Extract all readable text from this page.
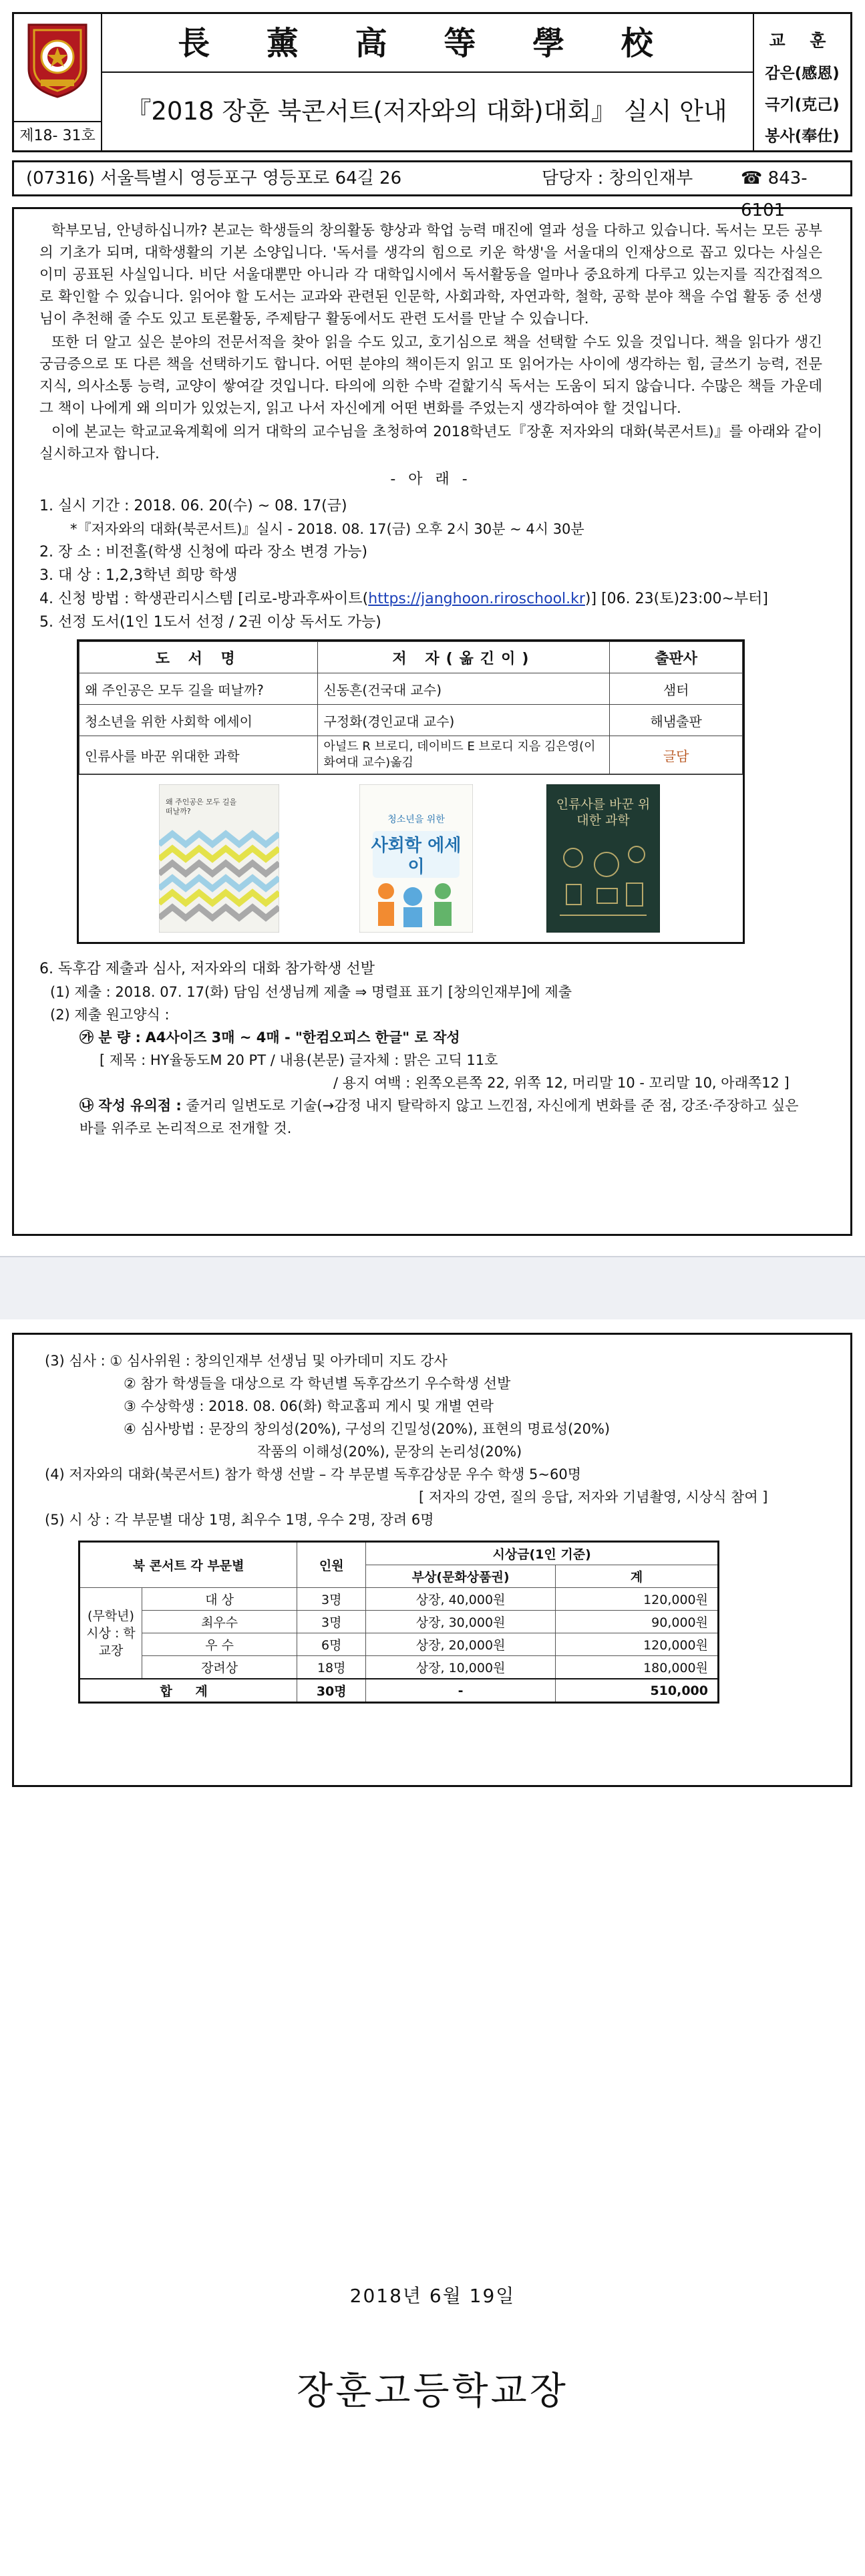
제18- 31호
長 薰 高 等 學 校
『2018 장훈 북콘서트(저자와의 대화)대회』 실시 안내
교 훈
감은(感恩)
극기(克己)
봉사(奉仕)
(07316) 서울특별시 영등포구 영등포로 64길 26	담당자 : 창의인재부	☎ 843-6101

학부모님, 안녕하십니까? 본교는 학생들의 창의활동 향상과 학업 능력 매진에 열과 성을 다하고 있습니다. 독서는 모든 공부의 기초가 되며, 대학생활의 기본 소양입니다. '독서를 생각의 힘으로 키운 학생'을 서울대의 인재상으로 꼽고 있다는 사실은 이미 공표된 사실입니다. 비단 서울대뿐만 아니라 각 대학입시에서 독서활동을 얼마나 중요하게 다루고 있는지를 직간접적으로 확인할 수 있습니다. 읽어야 할 도서는 교과와 관련된 인문학, 사회과학, 자연과학, 철학, 공학 분야 책을 수업 활동 중 선생님이 추천해 줄 수도 있고 토론활동, 주제탐구 활동에서도 관련 도서를 만날 수 있습니다.

또한 더 알고 싶은 분야의 전문서적을 찾아 읽을 수도 있고, 호기심으로 책을 선택할 수도 있을 것입니다. 책을 읽다가 생긴 궁금증으로 또 다른 책을 선택하기도 합니다. 어떤 분야의 책이든지 읽고 또 읽어가는 사이에 생각하는 힘, 글쓰기 능력, 전문지식, 의사소통 능력, 교양이 쌓여갈 것입니다. 타의에 의한 수박 겉핥기식 독서는 도움이 되지 않습니다. 수많은 책들 가운데 그 책이 나에게 왜 의미가 있었는지, 읽고 나서 자신에게 어떤 변화를 주었는지 생각하여야 할 것입니다.

이에 본교는 학교교육계획에 의거 대학의 교수님을 초청하여 2018학년도『장훈 저자와의 대화(북콘서트)』를 아래와 같이 실시하고자 합니다.

- 아 래 -

1. 실시 기간 : 2018. 06. 20(수) ~ 08. 17(금)

*『저자와의 대화(북콘서트)』실시 - 2018. 08. 17(금) 오후 2시 30분 ~ 4시 30분

2. 장 소 : 비전홀(학생 신청에 따라 장소 변경 가능)

3. 대 상 : 1,2,3학년 희망 학생

4. 신청 방법 : 학생관리시스템 [리로-방과후싸이트(https://janghoon.riroschool.kr)] [06. 23(토)23:00~부터]

5. 선정 도서(1인 1도서 선정 / 2권 이상 독서도 가능)

도 서 명	저 자(옮긴이)	출판사
왜 주인공은 모두 길을 떠날까?	신동흔(건국대 교수)	샘터
청소년을 위한 사회학 에세이	구정화(경인교대 교수)	해냄출판
인류사를 바꾼 위대한 과학	아널드 R 브로디, 데이비드 E 브로디 지음 김은영(이화여대 교수)옮김	글담
왜 주인공은 모두 길을 떠날까?
청소년을 위한
사회학 에세이
인류사를 바꾼 위대한 과학

6. 독후감 제출과 심사, 저자와의 대화 참가학생 선발

(1) 제출 : 2018. 07. 17(화) 담임 선생님께 제출 ⇒ 명렬표 표기 [창의인재부]에 제출

(2) 제출 원고양식 :

㉮ 분 량 : A4사이즈 3매 ~ 4매 - "한컴오피스 한글" 로 작성

[ 제목 : HY율동도M 20 PT / 내용(본문) 글자체 : 맑은 고딕 11호

/ 용지 여백 : 왼쪽오른쪽 22, 위쪽 12, 머리말 10 - 꼬리말 10, 아래쪽12 ]

㉯ 작성 유의점 : 줄거리 일변도로 기술(→감정 내지 탈락하지 않고 느낀점, 자신에게 변화를 준 점, 강조·주장하고 싶은 바를 위주로 논리적으로 전개할 것.

(3) 심사 : ① 심사위원 : 창의인재부 선생님 및 아카데미 지도 강사

② 참가 학생들을 대상으로 각 학년별 독후감쓰기 우수학생 선발

③ 수상학생 : 2018. 08. 06(화) 학교홈피 게시 및 개별 연락

④ 심사방법 : 문장의 창의성(20%), 구성의 긴밀성(20%), 표현의 명료성(20%)

작품의 이해성(20%), 문장의 논리성(20%)

(4) 저자와의 대화(북콘서트) 참가 학생 선발 – 각 부문별 독후감상문 우수 학생 5~60명

[ 저자의 강연, 질의 응답, 저자와 기념촬영, 시상식 참여 ]

(5) 시 상 : 각 부문별 대상 1명, 최우수 1명, 우수 2명, 장려 6명

북 콘서트 각 부문별		인원	시상금(1인 기준)	
			부상(문화상품권)	계
(무학년) 시상 : 학교장	대 상	3명	상장, 40,000원	120,000원
	최우수	3명	상장, 30,000원	90,000원
	우 수	6명	상장, 20,000원	120,000원
	장려상	18명	상장, 10,000원	180,000원
합 계		30명	-	510,000
2018년 6월 19일
장훈고등학교장
